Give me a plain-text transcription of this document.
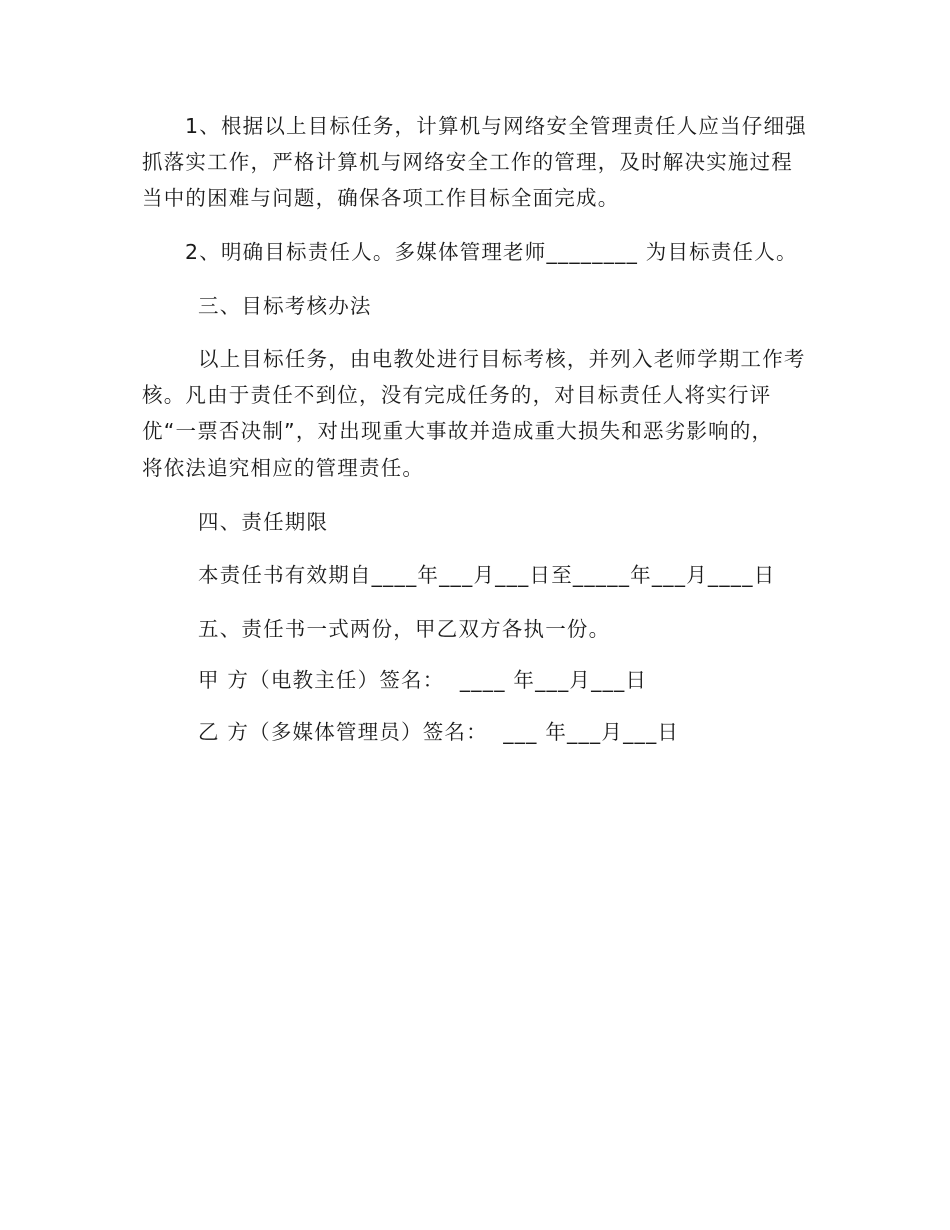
1、根据以上目标任务，计算机与网络安全管理责任人应当仔细强
抓落实工作，严格计算机与网络安全工作的管理，及时解决实施过程
当中的困难与问题，确保各项工作目标全面完成。
2、明确目标责任人。多媒体管理老师________ 为目标责任人。
三、目标考核办法
以上目标任务，由电教处进行目标考核，并列入老师学期工作考
核。凡由于责任不到位，没有完成任务的，对目标责任人将实行评
优“一票否决制”，对出现重大事故并造成重大损失和恶劣影响的，
将依法追究相应的管理责任。
四、责任期限
本责任书有效期自____年___月___日至_____年___月____日
五、责任书一式两份，甲乙双方各执一份。
甲 方（电教主任）签名：  ____ 年___月___日
乙 方（多媒体管理员）签名：  ___ 年___月___日
